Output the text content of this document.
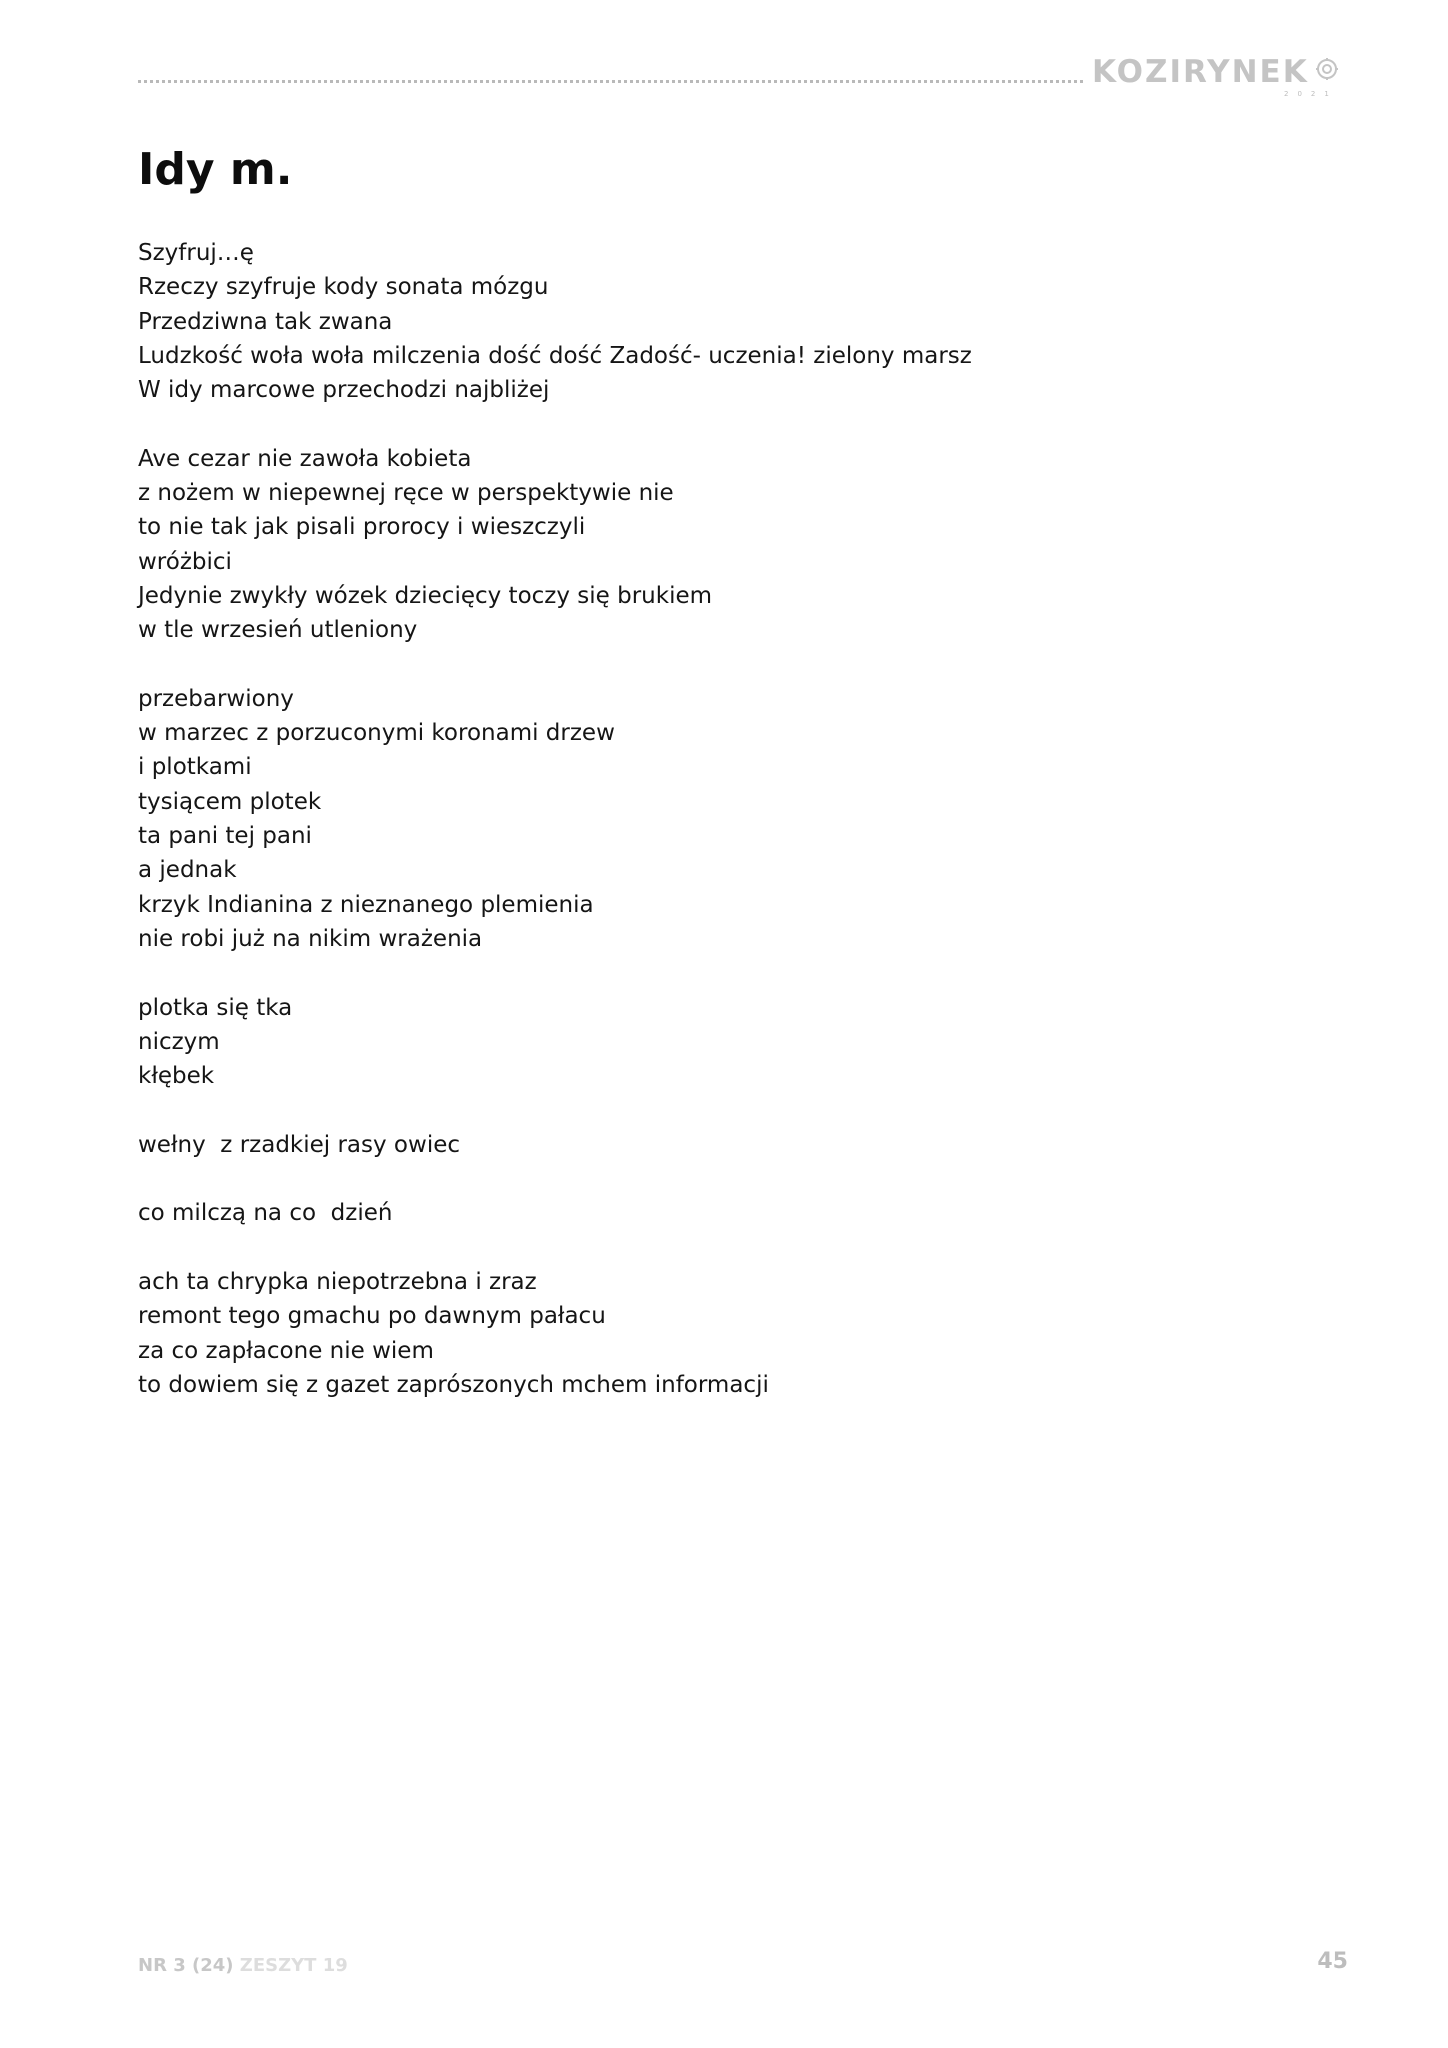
KOZIRYNEK
2021
Idy m.
Szyfruj…ę
Rzeczy szyfruje kody sonata mózgu
Przedziwna tak zwana
Ludzkość woła woła milczenia dość dość Zadość- uczenia! zielony marsz
W idy marcowe przechodzi najbliżej
Ave cezar nie zawoła kobieta
z nożem w niepewnej ręce w perspektywie nie
to nie tak jak pisali prorocy i wieszczyli
wróżbici
Jedynie zwykły wózek dziecięcy toczy się brukiem
w tle wrzesień utleniony
przebarwiony
w marzec z porzuconymi koronami drzew
i plotkami
tysiącem plotek
ta pani tej pani
a jednak
krzyk Indianina z nieznanego plemienia
nie robi już na nikim wrażenia
plotka się tka
niczym
kłębek
wełny  z rzadkiej rasy owiec
co milczą na co  dzień
ach ta chrypka niepotrzebna i zraz
remont tego gmachu po dawnym pałacu
za co zapłacone nie wiem
to dowiem się z gazet zaprószonych mchem informacji
NR 3 (24) ZESZYT 19	45
